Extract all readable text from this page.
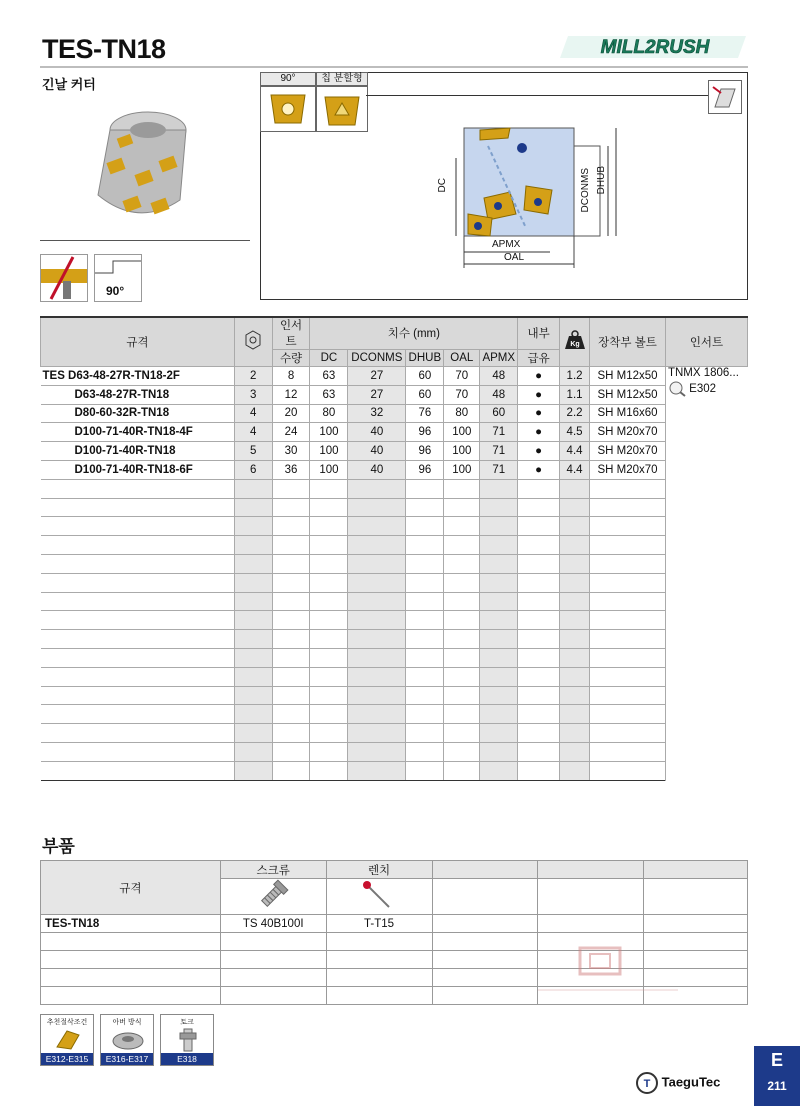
TES-TN18	MILL2RUSH
긴날 커터
90°
90°	칩 분할형
DC	DCONMS DHUB
APMX
OAL
규격		인서트	치수 (mm)					내부	Kg	장착부 볼트	인서트
		수량	DC	DCONMS	DHUB	OAL	APMX	급유			
TES D63-48-27R-TN18-2F	2	8	63	27	60	70	48	●	1.2	SH M12x50	TNMX 1806...
E302

D63-48-27R-TN18	3	12	63	27	60	70	48	●	1.1	SH M12x50	
D80-60-32R-TN18	4	20	80	32	76	80	60	●	2.2	SH M16x60	
D100-71-40R-TN18-4F	4	24	100	40	96	100	71	●	4.5	SH M20x70	
D100-71-40R-TN18	5	30	100	40	96	100	71	●	4.4	SH M20x70	
D100-71-40R-TN18-6F	6	36	100	40	96	100	71	●	4.4	SH M20x70	

부품
규격	스크류	렌치			

TES-TN18	TS 40B100I	T-T15			

추천절삭조건
E312-E315
아버 방식
E316-E317
토크
E318
T TaeguTec
E
211
